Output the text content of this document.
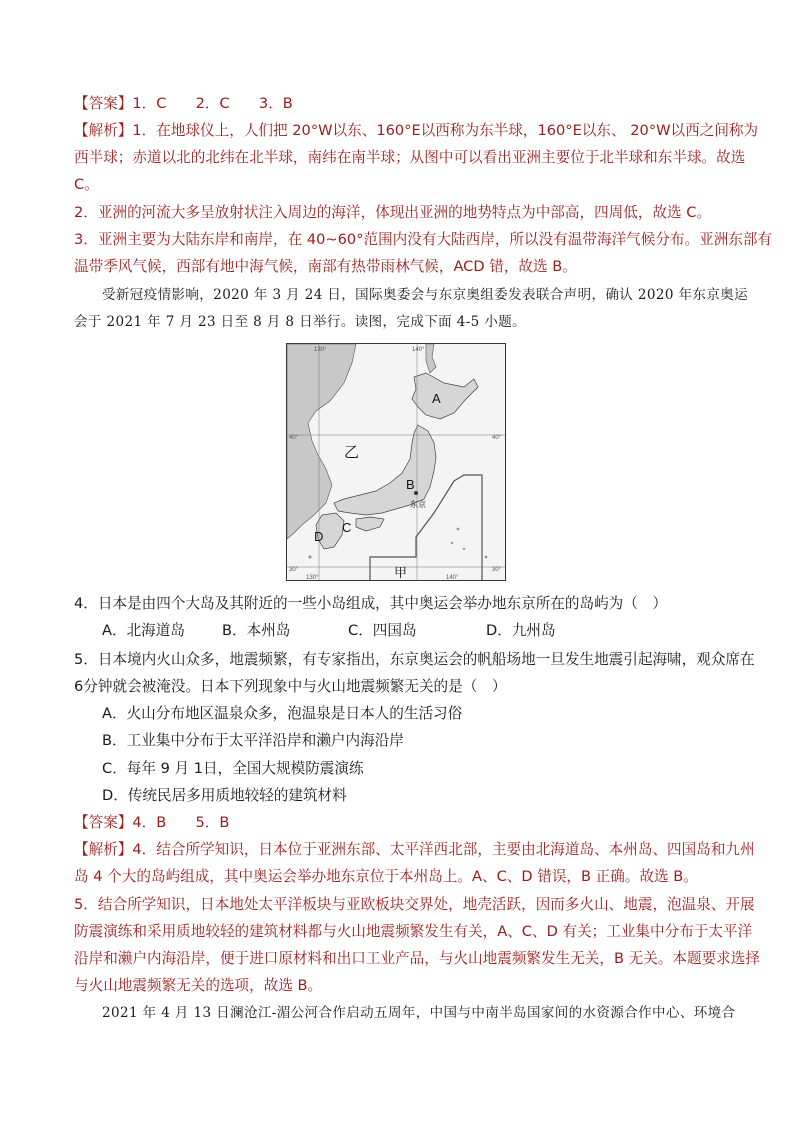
【答案】1．C　　2．C　　3．B
【解析】1．在地球仪上，人们把 20°W以东、160°E以西称为东半球，160°E以东、 20°W以西之间称为
西半球；赤道以北的北纬在北半球，南纬在南半球；从图中可以看出亚洲主要位于北半球和东半球。故选
C。
2．亚洲的河流大多呈放射状注入周边的海洋，体现出亚洲的地势特点为中部高，四周低，故选 C。
3．亚洲主要为大陆东岸和南岸，在 40~60°范围内没有大陆西岸，所以没有温带海洋气候分布。亚洲东部有
温带季风气候，西部有地中海气候，南部有热带雨林气候，ACD 错，故选 B。
受新冠疫情影响，2020 年 3 月 24 日，国际奥委会与东京奥组委发表联合声明，确认 2020 年东京奥运
会于 2021 年 7 月 23 日至 8 月 8 日举行。读图，完成下面 4-5 小题。
130°	140°
40°
30°
40°
30°
130°	140°
A
B
C
D
乙
东京
甲
4．日本是由四个大岛及其附近的一些小岛组成，其中奥运会举办地东京所在的岛屿为（　）
A．北海道岛	B．本州岛	C．四国岛	D．九州岛
5．日本境内火山众多，地震频繁，有专家指出，东京奥运会的帆船场地一旦发生地震引起海啸，观众席在
6分钟就会被淹没。日本下列现象中与火山地震频繁无关的是（　）
A．火山分布地区温泉众多，泡温泉是日本人的生活习俗
B．工业集中分布于太平洋沿岸和濑户内海沿岸
C．每年 9 月 1日，全国大规模防震演练
D．传统民居多用质地较轻的建筑材料
【答案】4．B　　5．B
【解析】4．结合所学知识，日本位于亚洲东部、太平洋西北部，主要由北海道岛、本州岛、四国岛和九州
岛 4 个大的岛屿组成，其中奥运会举办地东京位于本州岛上。A、C、D 错误，B 正确。故选 B。
5．结合所学知识，日本地处太平洋板块与亚欧板块交界处，地壳活跃，因而多火山、地震，泡温泉、开展
防震演练和采用质地较轻的建筑材料都与火山地震频繁发生有关，A、C、D 有关；工业集中分布于太平洋
沿岸和濑户内海沿岸，便于进口原材料和出口工业产品，与火山地震频繁发生无关，B 无关。本题要求选择
与火山地震频繁无关的选项，故选 B。
2021 年 4 月 13 日澜沧江-湄公河合作启动五周年，中国与中南半岛国家间的水资源合作中心、环境合
